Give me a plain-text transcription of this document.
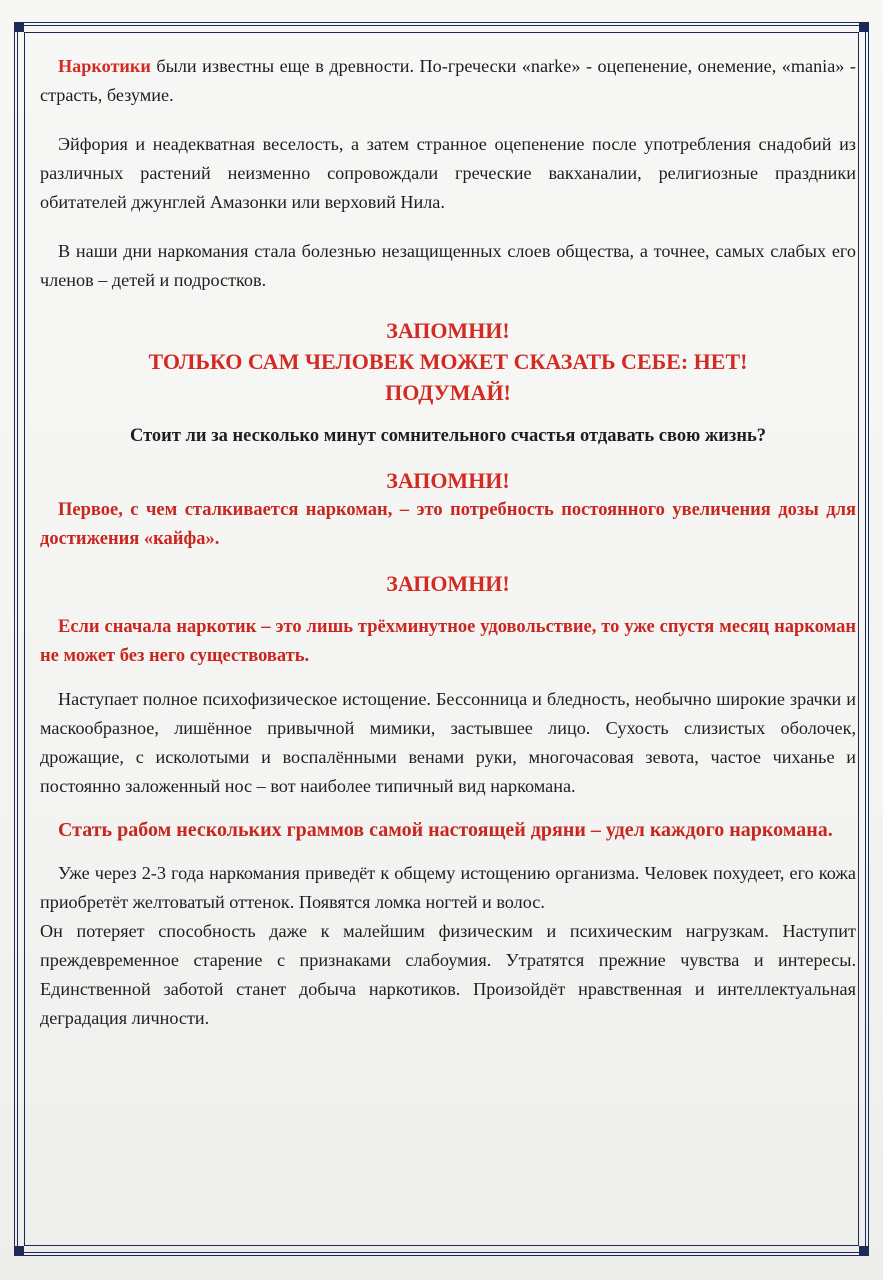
Наркотики были известны еще в древности. По-гречески «narke» - оцепенение, онемение, «mania» - страсть, безумие.

Эйфория и неадекватная веселость, а затем странное оцепенение после употребления снадобий из различных растений неизменно сопровождали греческие вакханалии, религиозные праздники обитателей джунглей Амазонки или верховий Нила.

В наши дни наркомания стала болезнью незащищенных слоев общества, а точнее, самых слабых его членов – детей и подростков.

ЗАПОМНИ!
ТОЛЬКО САМ ЧЕЛОВЕК МОЖЕТ СКАЗАТЬ СЕБЕ: НЕТ!
ПОДУМАЙ!

Стоит ли за несколько минут сомнительного счастья отдавать свою жизнь?

ЗАПОМНИ!

Первое, с чем сталкивается наркоман, – это потребность постоянного увеличения дозы для достижения «кайфа».

ЗАПОМНИ!

Если сначала наркотик – это лишь трёхминутное удовольствие, то уже спустя месяц наркоман не может без него существовать.

Наступает полное психофизическое истощение. Бессонница и бледность, необычно широкие зрачки и маскообразное, лишённое привычной мимики, застывшее лицо. Сухость слизистых оболочек, дрожащие, с исколотыми и воспалёнными венами руки, многочасовая зевота, частое чиханье и постоянно заложенный нос – вот наиболее типичный вид наркомана.

Стать рабом нескольких граммов самой настоящей дряни – удел каждого наркомана.

Уже через 2-3 года наркомания приведёт к общему истощению организма. Человек похудеет, его кожа приобретёт желтоватый оттенок. Появятся ломка ногтей и волос.

Он потеряет способность даже к малейшим физическим и психическим нагрузкам. Наступит преждевременное старение с признаками слабоумия. Утратятся прежние чувства и интересы. Единственной заботой станет добыча наркотиков. Произойдёт нравственная и интеллектуальная деградация личности.
